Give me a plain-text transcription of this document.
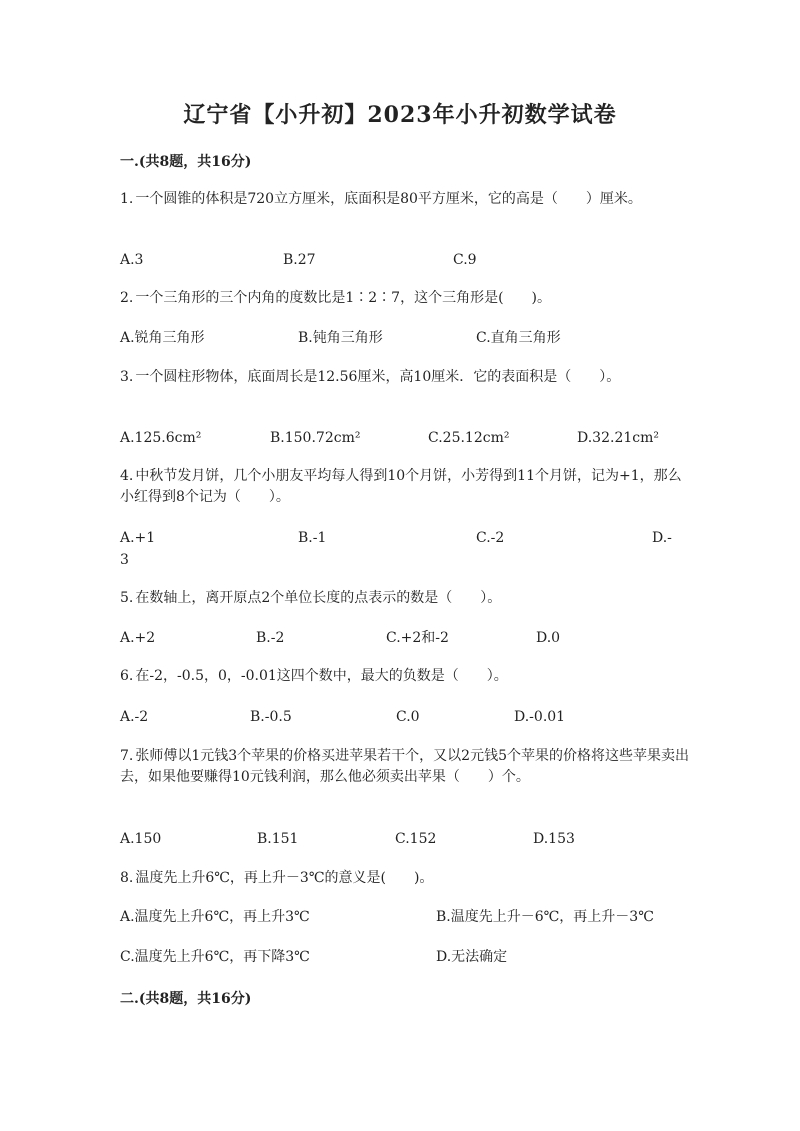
辽宁省【小升初】2023年小升初数学试卷
一.(共8题，共16分)
1. 一个圆锥的体积是720立方厘米，底面积是80平方厘米，它的高是（　　）厘米。
A.3	B.27	C.9
2. 一个三角形的三个内角的度数比是1∶2∶7，这个三角形是(　　)。
A.锐角三角形	B.钝角三角形	C.直角三角形
3. 一个圆柱形物体，底面周长是12.56厘米，高10厘米．它的表面积是（　　）。
A.125.6cm²	B.150.72cm²	C.25.12cm²	D.32.21cm²
4. 中秋节发月饼，几个小朋友平均每人得到10个月饼，小芳得到11个月饼，记为+1，那么小红得到8个记为（　　）。
A.+1	B.-1	C.-2	D.-
3
5. 在数轴上，离开原点2个单位长度的点表示的数是（　　）。
A.+2	B.-2	C.+2和-2	D.0
6. 在-2，-0.5，0，-0.01这四个数中，最大的负数是（　　）。
A.-2	B.-0.5	C.0	D.-0.01
7. 张师傅以1元钱3个苹果的价格买进苹果若干个，又以2元钱5个苹果的价格将这些苹果卖出去，如果他要赚得10元钱利润，那么他必须卖出苹果（　　）个。
A.150	B.151	C.152	D.153
8. 温度先上升6℃，再上升－3℃的意义是(　　)。
A.温度先上升6℃，再上升3℃	B.温度先上升－6℃，再上升－3℃
C.温度先上升6℃，再下降3℃	D.无法确定
二.(共8题，共16分)
